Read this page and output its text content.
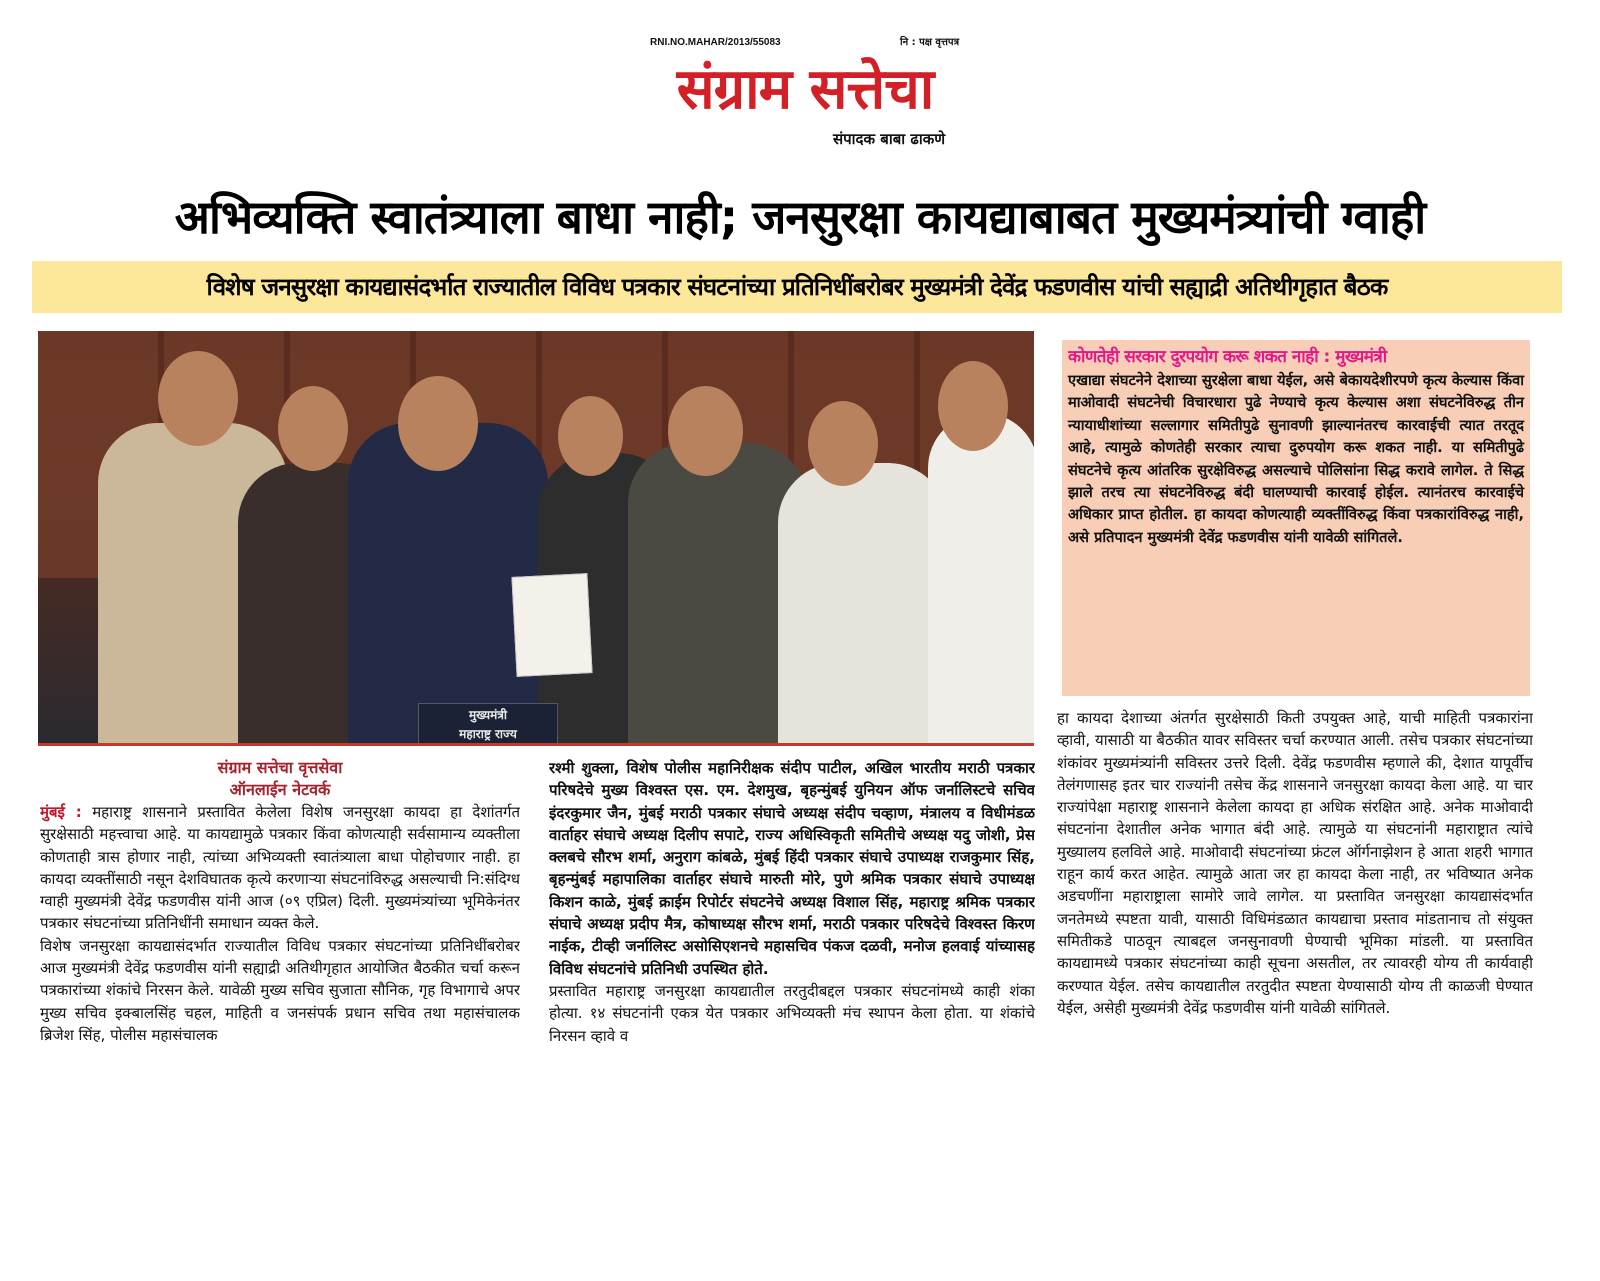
RNI.NO.MAHAR/2013/55083	नि : पक्ष वृत्तपत्र
संग्राम सत्तेचा
संपादक बाबा ढाकणे
अभिव्यक्ति स्वातंत्र्याला बाधा नाही; जनसुरक्षा कायद्याबाबत मुख्यमंत्र्यांची ग्वाही
विशेष जनसुरक्षा कायद्यासंदर्भात राज्यातील विविध पत्रकार संघटनांच्या प्रतिनिधींबरोबर मुख्यमंत्री देवेंद्र फडणवीस यांची सह्याद्री अतिथीगृहात बैठक
मुख्यमंत्री
महाराष्ट्र राज्य
कोणतेही सरकार दुरपयोग करू शकत नाही : मुख्यमंत्री

एखाद्या संघटनेने देशाच्या सुरक्षेला बाधा येईल, असे बेकायदेशीरपणे कृत्य केल्यास किंवा माओवादी संघटनेची विचारधारा पुढे नेण्याचे कृत्य केल्यास अशा संघटनेविरुद्ध तीन न्यायाधीशांच्या सल्लागार समितीपुढे सुनावणी झाल्यानंतरच कारवाईची त्यात तरतूद आहे, त्यामुळे कोणतेही सरकार त्याचा दुरुपयोग करू शकत नाही. या समितीपुढे संघटनेचे कृत्य आंतरिक सुरक्षेविरुद्ध असल्याचे पोलिसांना सिद्ध करावे लागेल. ते सिद्ध झाले तरच त्या संघटनेविरुद्ध बंदी घालण्याची कारवाई होईल. त्यानंतरच कारवाईचे अधिकार प्राप्त होतील. हा कायदा कोणत्याही व्यक्तींविरुद्ध किंवा पत्रकारांविरुद्ध नाही, असे प्रतिपादन मुख्यमंत्री देवेंद्र फडणवीस यांनी यावेळी सांगितले.

संग्राम सत्तेचा वृत्तसेवा
ऑनलाईन नेटवर्क

मुंबई : महाराष्ट्र शासनाने प्रस्तावित केलेला विशेष जनसुरक्षा कायदा हा देशांतर्गत सुरक्षेसाठी महत्त्वाचा आहे. या कायद्यामुळे पत्रकार किंवा कोणत्याही सर्वसामान्य व्यक्तीला कोणताही त्रास होणार नाही, त्यांच्या अभिव्यक्ती स्वातंत्र्याला बाधा पोहोचणार नाही. हा कायदा व्यक्तींसाठी नसून देशविघातक कृत्ये करणाऱ्या संघटनांविरुद्ध असल्याची नि:संदिग्ध ग्वाही मुख्यमंत्री देवेंद्र फडणवीस यांनी आज (०९ एप्रिल) दिली. मुख्यमंत्र्यांच्या भूमिकेनंतर पत्रकार संघटनांच्या प्रतिनिधींनी समाधान व्यक्त केले.

विशेष जनसुरक्षा कायद्यासंदर्भात राज्यातील विविध पत्रकार संघटनांच्या प्रतिनिधींबरोबर आज मुख्यमंत्री देवेंद्र फडणवीस यांनी सह्याद्री अतिथीगृहात आयोजित बैठकीत चर्चा करून पत्रकारांच्या शंकांचे निरसन केले. यावेळी मुख्य सचिव सुजाता सौनिक, गृह विभागाचे अपर मुख्य सचिव इक्बालसिंह चहल, माहिती व जनसंपर्क प्रधान सचिव तथा महासंचालक ब्रिजेश सिंह, पोलीस महासंचालक

रश्मी शुक्ला, विशेष पोलीस महानिरीक्षक संदीप पाटील, अखिल भारतीय मराठी पत्रकार परिषदेचे मुख्य विश्वस्त एस. एम. देशमुख, बृहन्मुंबई युनियन ऑफ जर्नालिस्टचे सचिव इंदरकुमार जैन, मुंबई मराठी पत्रकार संघाचे अध्यक्ष संदीप चव्हाण, मंत्रालय व विधीमंडळ वार्ताहर संघाचे अध्यक्ष दिलीप सपाटे, राज्य अधिस्विकृती समितीचे अध्यक्ष यदु जोशी, प्रेस क्लबचे सौरभ शर्मा, अनुराग कांबळे, मुंबई हिंदी पत्रकार संघाचे उपाध्यक्ष राजकुमार सिंह, बृहन्मुंबई महापालिका वार्ताहर संघाचे मारुती मोरे, पुणे श्रमिक पत्रकार संघाचे उपाध्यक्ष किशन काळे, मुंबई क्राईम रिपोर्टर संघटनेचे अध्यक्ष विशाल सिंह, महाराष्ट्र श्रमिक पत्रकार संघाचे अध्यक्ष प्रदीप मैत्र, कोषाध्यक्ष सौरभ शर्मा, मराठी पत्रकार परिषदेचे विश्वस्त किरण नाईक, टीव्ही जर्नालिस्ट असोसिएशनचे महासचिव पंकज दळवी, मनोज हलवाई यांच्यासह विविध संघटनांचे प्रतिनिधी उपस्थित होते.

प्रस्तावित महाराष्ट्र जनसुरक्षा कायद्यातील तरतुदीबद्दल पत्रकार संघटनांमध्ये काही शंका होत्या. १४ संघटनांनी एकत्र येत पत्रकार अभिव्यक्ती मंच स्थापन केला होता. या शंकांचे निरसन व्हावे व

हा कायदा देशाच्या अंतर्गत सुरक्षेसाठी किती उपयुक्त आहे, याची माहिती पत्रकारांना व्हावी, यासाठी या बैठकीत यावर सविस्तर चर्चा करण्यात आली. तसेच पत्रकार संघटनांच्या शंकांवर मुख्यमंत्र्यांनी सविस्तर उत्तरे दिली. देवेंद्र फडणवीस म्हणाले की, देशात यापूर्वीच तेलंगणासह इतर चार राज्यांनी तसेच केंद्र शासनाने जनसुरक्षा कायदा केला आहे. या चार राज्यांपेक्षा महाराष्ट्र शासनाने केलेला कायदा हा अधिक संरक्षित आहे. अनेक माओवादी संघटनांना देशातील अनेक भागात बंदी आहे. त्यामुळे या संघटनांनी महाराष्ट्रात त्यांचे मुख्यालय हलविले आहे. माओवादी संघटनांच्या फ्रंटल ऑर्गनाझेशन हे आता शहरी भागात राहून कार्य करत आहेत. त्यामुळे आता जर हा कायदा केला नाही, तर भविष्यात अनेक अडचणींना महाराष्ट्राला सामोरे जावे लागेल. या प्रस्तावित जनसुरक्षा कायद्यासंदर्भात जनतेमध्ये स्पष्टता यावी, यासाठी विधिमंडळात कायद्याचा प्रस्ताव मांडतानाच तो संयुक्त समितीकडे पाठवून त्याबद्दल जनसुनावणी घेण्याची भूमिका मांडली. या प्रस्तावित कायद्यामध्ये पत्रकार संघटनांच्या काही सूचना असतील, तर त्यावरही योग्य ती कार्यवाही करण्यात येईल. तसेच कायद्यातील तरतुदीत स्पष्टता येण्यासाठी योग्य ती काळजी घेण्यात येईल, असेही मुख्यमंत्री देवेंद्र फडणवीस यांनी यावेळी सांगितले.
